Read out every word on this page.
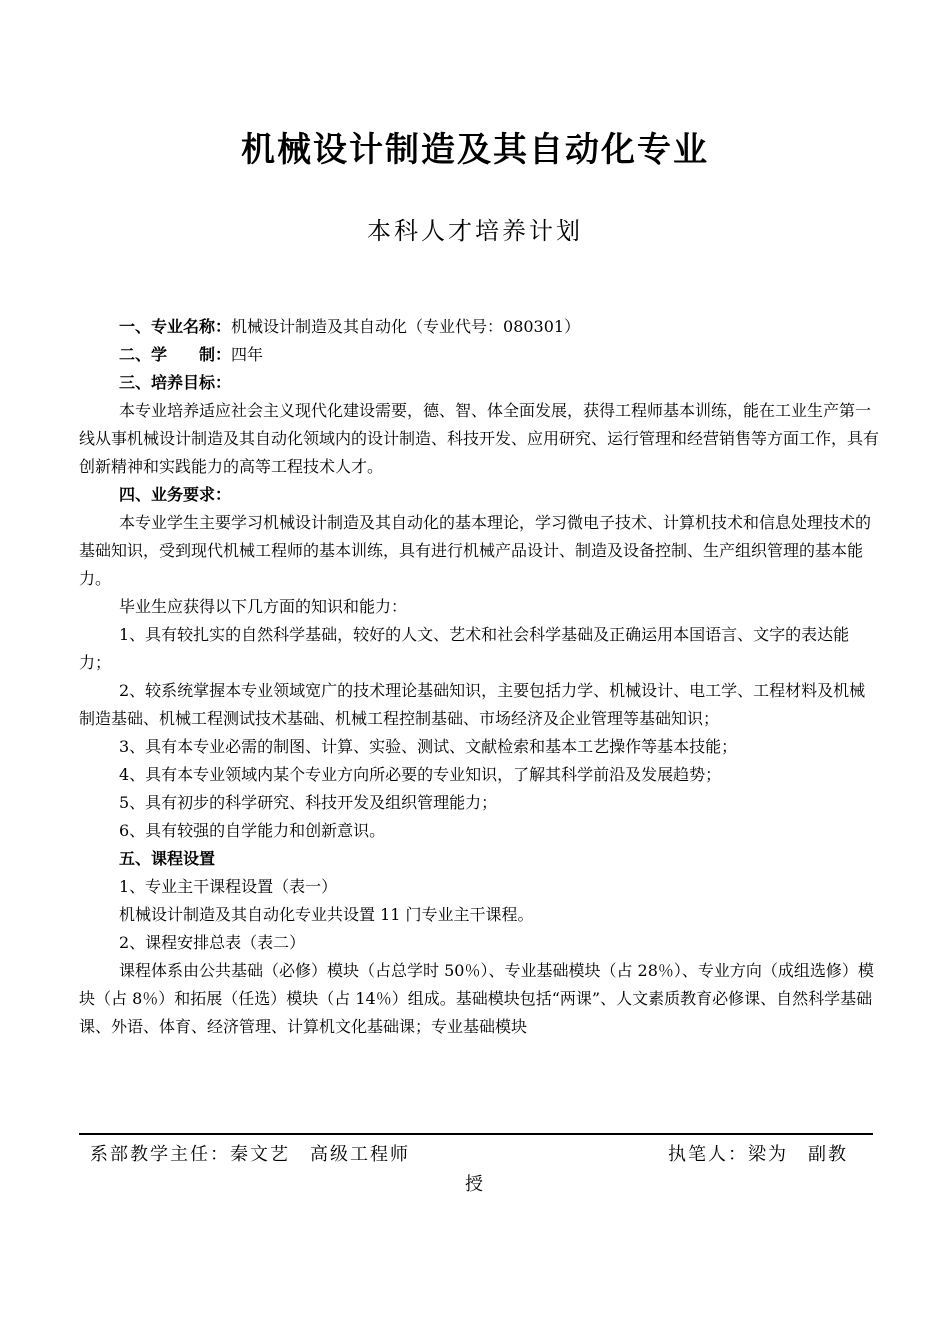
机械设计制造及其自动化专业
本科人才培养计划

一、专业名称：机械设计制造及其自动化（专业代号：080301）

二、学　　制：四年

三、培养目标：

本专业培养适应社会主义现代化建设需要，德、智、体全面发展，获得工程师基本训练，能在工业生产第一线从事机械设计制造及其自动化领域内的设计制造、科技开发、应用研究、运行管理和经营销售等方面工作，具有创新精神和实践能力的高等工程技术人才。

四、业务要求：

本专业学生主要学习机械设计制造及其自动化的基本理论，学习微电子技术、计算机技术和信息处理技术的基础知识，受到现代机械工程师的基本训练，具有进行机械产品设计、制造及设备控制、生产组织管理的基本能力。

毕业生应获得以下几方面的知识和能力：

1、具有较扎实的自然科学基础，较好的人文、艺术和社会科学基础及正确运用本国语言、文字的表达能力；

2、较系统掌握本专业领域宽广的技术理论基础知识，主要包括力学、机械设计、电工学、工程材料及机械制造基础、机械工程测试技术基础、机械工程控制基础、市场经济及企业管理等基础知识；

3、具有本专业必需的制图、计算、实验、测试、文献检索和基本工艺操作等基本技能；

4、具有本专业领域内某个专业方向所必要的专业知识，了解其科学前沿及发展趋势；

5、具有初步的科学研究、科技开发及组织管理能力；

6、具有较强的自学能力和创新意识。

五、课程设置

1、专业主干课程设置（表一）

机械设计制造及其自动化专业共设置 11 门专业主干课程。

2、课程安排总表（表二）

课程体系由公共基础（必修）模块（占总学时 50％）、专业基础模块（占 28％）、专业方向（成组选修）模块（占 8％）和拓展（任选）模块（占 14％）组成。基础模块包括“两课”、人文素质教育必修课、自然科学基础课、外语、体育、经济管理、计算机文化基础课；专业基础模块

系部教学主任：秦文艺　高级工程师	执笔人：梁为　副教
授
